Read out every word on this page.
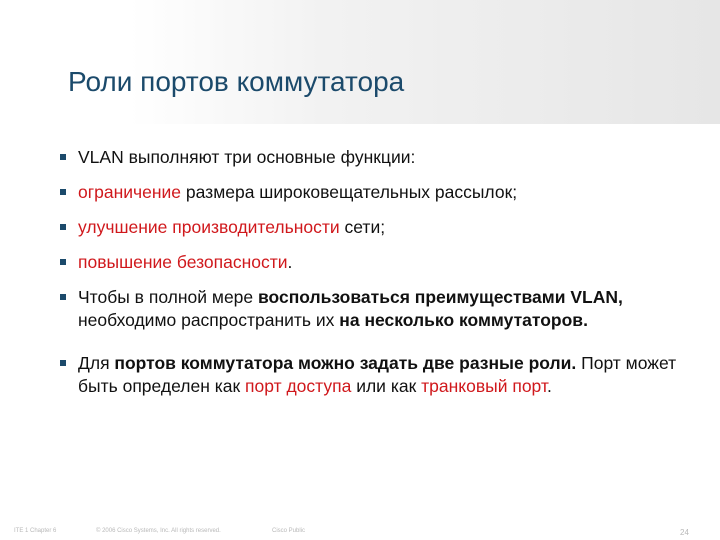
Роли портов коммутатора
VLAN выполняют три основные функции:
ограничение размера широковещательных рассылок;
улучшение производительности сети;
повышение безопасности.
Чтобы в полной мере воспользоваться преимуществами VLAN, необходимо распространить их на несколько коммутаторов.
Для портов коммутатора можно задать две разные роли. Порт может быть определен как порт доступа или как транковый порт.
ITE 1 Chapter 6	© 2006 Cisco Systems, Inc. All rights reserved.	Cisco Public	24
